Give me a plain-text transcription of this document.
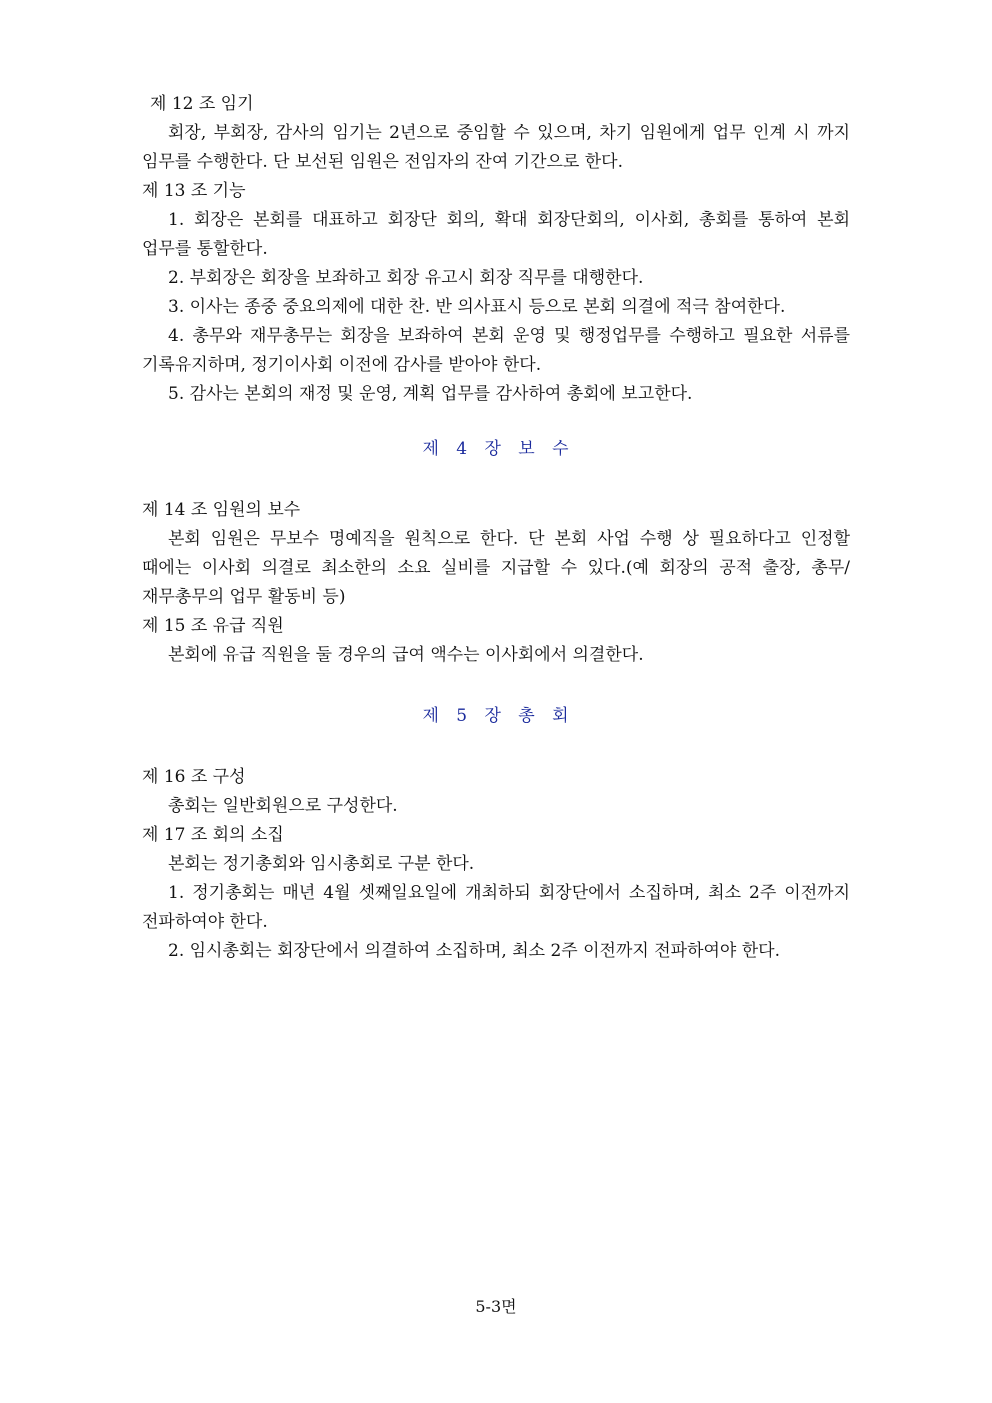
제 12 조 임기

회장, 부회장, 감사의 임기는 2년으로 중임할 수 있으며, 차기 임원에게 업무 인계 시 까지 임무를 수행한다. 단 보선된 임원은 전임자의 잔여 기간으로 한다.

제 13 조 기능

1. 회장은 본회를 대표하고 회장단 회의, 확대 회장단회의, 이사회, 총회를 통하여 본회 업무를 통할한다.

2. 부회장은 회장을 보좌하고 회장 유고시 회장 직무를 대행한다.

3. 이사는 종중 중요의제에 대한 찬. 반 의사표시 등으로 본회 의결에 적극 참여한다.

4. 총무와 재무총무는 회장을 보좌하여 본회 운영 및 행정업무를 수행하고 필요한 서류를 기록유지하며, 정기이사회 이전에 감사를 받아야 한다.

5. 감사는 본회의 재정 및 운영, 계획 업무를 감사하여 총회에 보고한다.

제 4 장 보 수

제 14 조 임원의 보수

본회 임원은 무보수 명예직을 원칙으로 한다. 단 본회 사업 수행 상 필요하다고 인정할 때에는 이사회 의결로 최소한의 소요 실비를 지급할 수 있다.(예 회장의 공적 출장, 총무/재무총무의 업무 활동비 등)

제 15 조 유급 직원

본회에 유급 직원을 둘 경우의 급여 액수는 이사회에서 의결한다.

제 5 장 총 회

제 16 조 구성

총회는 일반회원으로 구성한다.

제 17 조 회의 소집

본회는 정기총회와 임시총회로 구분 한다.

1. 정기총회는 매년 4월 셋째일요일에 개최하되 회장단에서 소집하며, 최소 2주 이전까지 전파하여야 한다.

2. 임시총회는 회장단에서 의결하여 소집하며, 최소 2주 이전까지 전파하여야 한다.

5-3면
